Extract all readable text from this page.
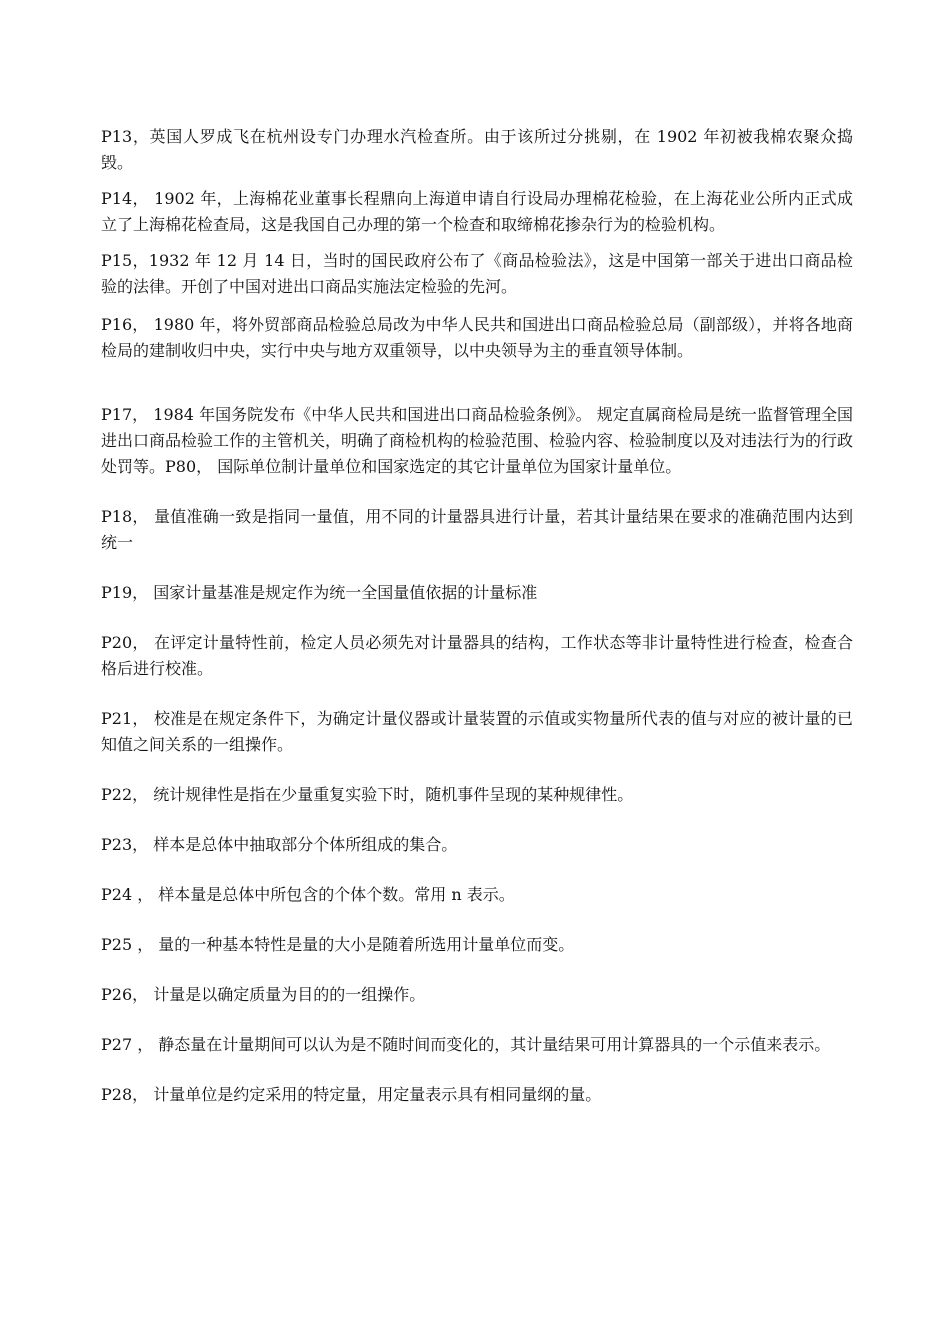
P13，英国人罗成飞在杭州设专门办理水汽检查所。由于该所过分挑剔，在 1902 年初被我棉农聚众捣毁。

P14， 1902 年，上海棉花业董事长程鼎向上海道申请自行设局办理棉花检验，在上海花业公所内正式成立了上海棉花检查局，这是我国自己办理的第一个检查和取缔棉花掺杂行为的检验机构。

P15，1932 年 12 月 14 日，当时的国民政府公布了《商品检验法》，这是中国第一部关于进出口商品检验的法律。开创了中国对进出口商品实施法定检验的先河。

P16， 1980 年，将外贸部商品检验总局改为中华人民共和国进出口商品检验总局（副部级），并将各地商检局的建制收归中央，实行中央与地方双重领导，以中央领导为主的垂直领导体制。

P17， 1984 年国务院发布《中华人民共和国进出口商品检验条例》。 规定直属商检局是统一监督管理全国进出口商品检验工作的主管机关，明确了商检机构的检验范围、检验内容、检验制度以及对违法行为的行政处罚等。P80， 国际单位制计量单位和国家选定的其它计量单位为国家计量单位。

P18， 量值准确一致是指同一量值，用不同的计量器具进行计量，若其计量结果在要求的准确范围内达到统一

P19， 国家计量基准是规定作为统一全国量值依据的计量标准

P20， 在评定计量特性前，检定人员必须先对计量器具的结构，工作状态等非计量特性进行检查，检查合格后进行校准。

P21， 校准是在规定条件下，为确定计量仪器或计量装置的示值或实物量所代表的值与对应的被计量的已知值之间关系的一组操作。

P22， 统计规律性是指在少量重复实验下时，随机事件呈现的某种规律性。

P23， 样本是总体中抽取部分个体所组成的集合。

P24 ， 样本量是总体中所包含的个体个数。常用 n 表示。

P25 ， 量的一种基本特性是量的大小是随着所选用计量单位而变。

P26， 计量是以确定质量为目的的一组操作。

P27 ， 静态量在计量期间可以认为是不随时间而变化的，其计量结果可用计算器具的一个示值来表示。

P28， 计量单位是约定采用的特定量，用定量表示具有相同量纲的量。
